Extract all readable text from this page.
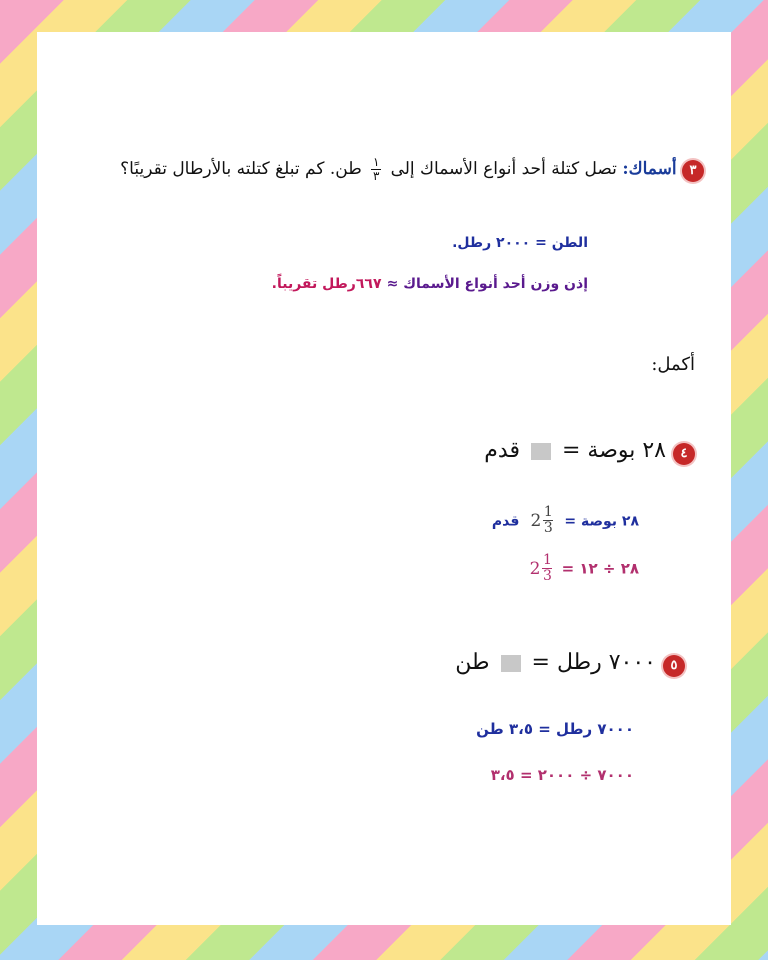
٣ أسماك: تصل كتلة أحد أنواع الأسماك إلى
$\frac{١}{٣}$
طن. كم تبلغ كتلته بالأرطال تقريبًا؟
الطن = ٢٠٠٠ رطل.
إذن وزن أحد أنواع الأسماك ≈ ٦٦٧رطل تقريباً.
أكمل:
٤ ٢٨ بوصة =  قدم
٢٨ بوصة =
2 1
3
قدم
٢٨ ÷ ١٢ =
2 1
3
٥ ٧٠٠٠ رطل =  طن
٧٠٠٠ رطل = ٣،٥ طن
٧٠٠٠ ÷ ٢٠٠٠ = ٣،٥
